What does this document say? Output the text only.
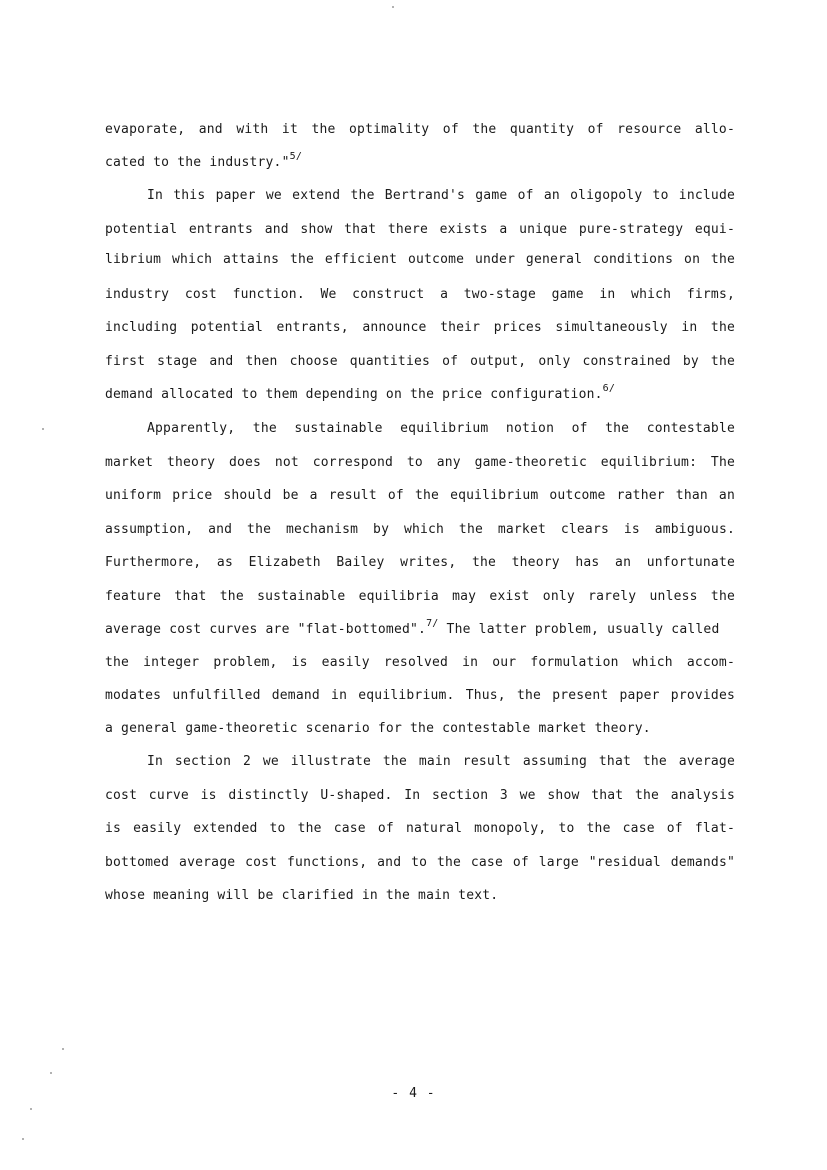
evaporate, and with it the optimality of the quantity of resource allo-
cated to the industry."$^{5/}$
In this paper we extend the Bertrand's game of an oligopoly to include
potential entrants and show that there exists a unique pure-strategy equi-
librium which attains the efficient outcome under general conditions on the
industry cost function. We construct a two-stage game in which firms,
including potential entrants, announce their prices simultaneously in the
first stage and then choose quantities of output, only constrained by the
demand allocated to them depending on the price configuration.$^{6/}$
Apparently, the sustainable equilibrium notion of the contestable
market theory does not correspond to any game-theoretic equilibrium: The
uniform price should be a result of the equilibrium outcome rather than an
assumption, and the mechanism by which the market clears is ambiguous.
Furthermore, as Elizabeth Bailey writes, the theory has an unfortunate
feature that the sustainable equilibria may exist only rarely unless the
average cost curves are "flat-bottomed".$^{7/}$ The latter problem, usually called
the integer problem, is easily resolved in our formulation which accom-
modates unfulfilled demand in equilibrium. Thus, the present paper provides
a general game-theoretic scenario for the contestable market theory.
In section 2 we illustrate the main result assuming that the average
cost curve is distinctly U-shaped. In section 3 we show that the analysis
is easily extended to the case of natural monopoly, to the case of flat-
bottomed average cost functions, and to the case of large "residual demands"
whose meaning will be clarified in the main text.
- 4 -
